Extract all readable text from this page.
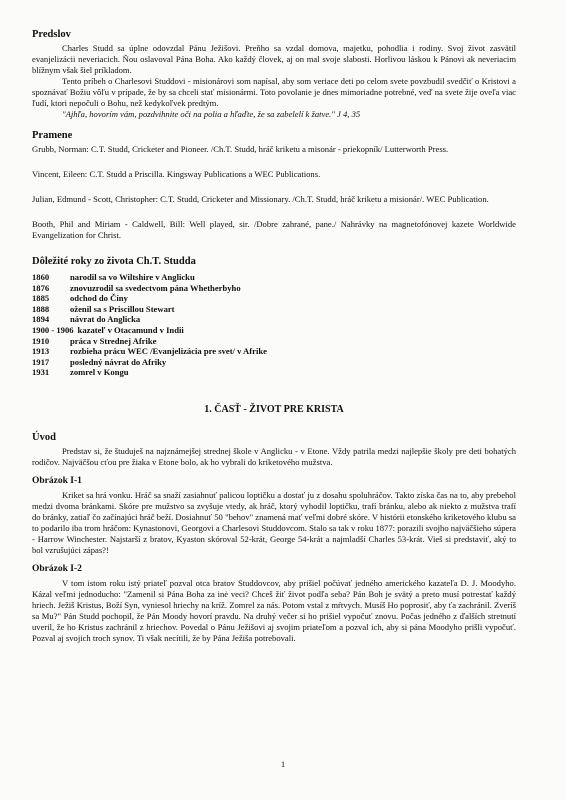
Predslov

Charles Studd sa úplne odovzdal Pánu Ježišovi. Preňho sa vzdal domova, majetku, pohodlia i rodiny. Svoj život zasvätil evanjelizácii neveriacich. Ňou oslavoval Pána Boha. Ako každý človek, aj on mal svoje slabosti. Horlivou láskou k Pánovi ak neveriacim blížnym však šiel príkladom.

Tento príbeh o Charlesovi Studdovi - misionárovi som napísal, aby som veriace deti po celom svete povzbudil svedčiť o Kristovi a spoznávať Božiu vôľu v prípade, že by sa chceli stať misionármi. Toto povolanie je dnes mimoriadne potrebné, veď na svete žije oveľa viac ľudí, ktori nepočuli o Bohu, než kedykoľvek predtým.

"Ajhľa, hovorím vám, pozdvihnite oči na polia a hľaďte, že sa zabelelí k žatve." J 4, 35

Pramene

Grubb, Norman: C.T. Studd, Cricketer and Pioneer. /Ch.T. Studd, hráč kriketu a misonár - priekopník/ Lutterworth Press.

Vincent, Eileen: C.T. Studd a Priscilla. Kingsway Publications a WEC Publications.

Julian, Edmund - Scott, Christopher: C.T. Studd, Cricketer and Missionary. /Ch.T. Studd, hráč kriketu a misionár/. WEC Publication.

Booth, Phil and Miriam - Caldwell, Bill: Well played, sir. /Dobre zahrané, pane./ Nahrávky na magnetofónovej kazete Worldwide Evangelization for Christ.

Dôležité roky zo života Ch.T. Studda
1860	narodil sa vo Wiltshire v Anglicku
1876	znovuzrodil sa svedectvom pána Whetherbyho
1885	odchod do Číny
1888	oženil sa s Priscillou Stewart
1894	návrat do Anglicka
1900 - 1906 kazateľ v Otacamund v Indii
1910	práca v Strednej Afrike
1913	rozbieha prácu WEC /Evanjelizácia pre svet/ v Afrike
1917	posledný návrat do Afriky
1931	zomrel v Kongu
1. ČASŤ - ŽIVOT PRE KRISTA
Úvod

Predstav si, že študuješ na najznámejšej strednej škole v Anglicku - v Etone. Vždy patrila medzi najlepšie školy pre deti bohatých rodičov. Najväčšou cťou pre žiaka v Etone bolo, ak ho vybrali do kriketového mužstva.

Obrázok I-1

Kriket sa hrá vonku. Hráč sa snaží zasiahnuť palicou loptičku a dostať ju z dosahu spoluhráčov. Takto získa čas na to, aby prebehol medzi dvoma bránkami. Skóre pre mužstvo sa zvyšuje vtedy, ak hráč, ktorý vyhodil loptičku, trafí bránku, alebo ak niekto z mužstva trafí do bránky, zatiaľ čo začínajúci hráč beží. Dosiahnuť 50 "behov" znamená mať veľmi dobré skóre. V histórii etonského kriketového klubu sa to podarilo iba trom hráčom: Kynastonovi, Georgovi a Charlesovi Studdovcom. Stalo sa tak v roku 1877: porazili svojho najväčšieho súpera - Harrow Winchester. Najstarší z bratov, Kyaston skóroval 52-krát, George 54-krát a najmladší Charles 53-krát. Vieš si predstaviť, aký to bol vzrušujúci zápas?!

Obrázok I-2

V tom istom roku istý priateľ pozval otca bratov Studdovcov, aby prišiel počúvať jedného amerického kazateľa D. J. Moodyho. Kázal veľmi jednoducho: "Zamenil si Pána Boha za inė veci? Chceš žiť život podľa seba? Pán Boh je svätý a preto musí potrestať každý hriech. Ježiš Kristus, Boží Syn, vyniesol hriechy na kríž. Zomrel za nás. Potom vstal z mŕtvych. Musíš Ho poprosiť, aby ťa zachránil. Zveríš sa Mu?" Pán Studd pochopil, že Pán Moody hovorí pravdu. Na druhý večer si ho prišiel vypočuť znovu. Počas jedného z ďalších stretnutí uveril, že ho Kristus zachránil z hriechov. Povedal o Pánu Ježišovi aj svojim priateľom a pozval ich, aby si pána Moodyho prišli vypočuť. Pozval aj svojich troch synov. Ti však necítili, že by Pána Ježiša potrebovali.

1
